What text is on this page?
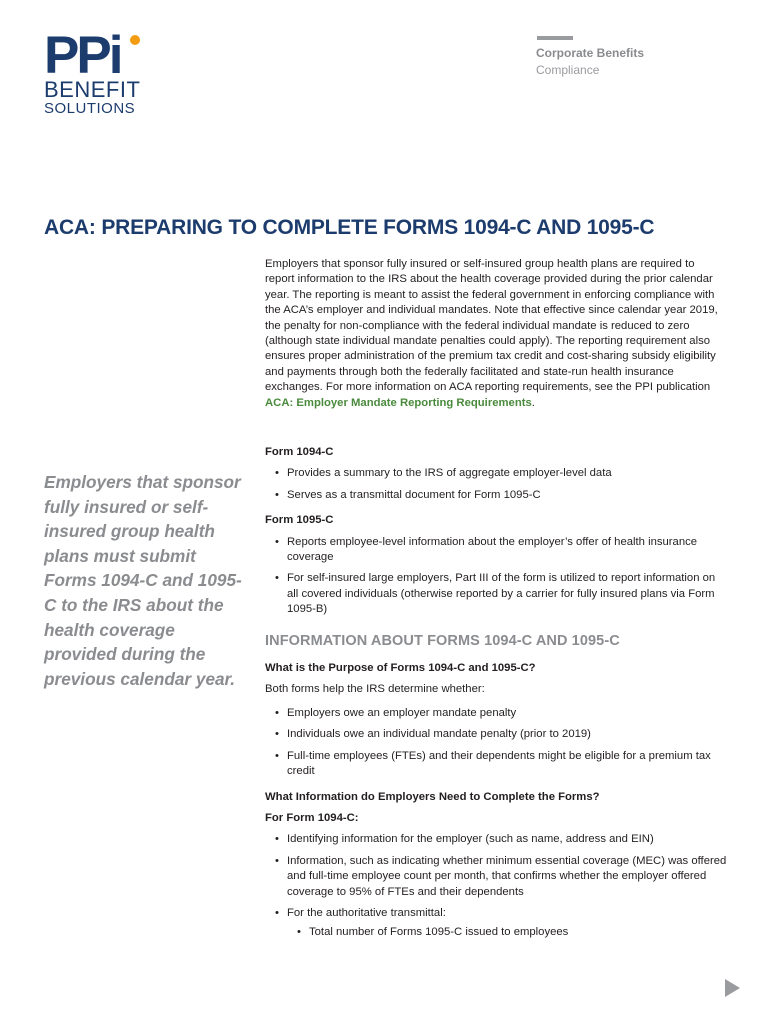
PPi
BENEFIT
SOLUTIONS
Corporate Benefits
Compliance
ACA: PREPARING TO COMPLETE FORMS 1094-C AND 1095-C

Employers that sponsor fully insured or self-insured group health plans are required to report information to the IRS about the health coverage provided during the prior calendar year. The reporting is meant to assist the federal government in enforcing compliance with the ACA’s employer and individual mandates. Note that effective since calendar year 2019, the penalty for non-compliance with the federal individual mandate is reduced to zero (although state individual mandate penalties could apply). The reporting requirement also ensures proper administration of the premium tax credit and cost-sharing subsidy eligibility and payments through both the federally facilitated and state-run health insurance exchanges. For more information on ACA reporting requirements, see the PPI publication ACA: Employer Mandate Reporting Requirements.

Employers that sponsor fully insured or self-insured group health plans must submit Forms 1094-C and 1095-C to the IRS about the health coverage provided during the previous calendar year.

Form 1094-C
• Provides a summary to the IRS of aggregate employer-level data
• Serves as a transmittal document for Form 1095-C
Form 1095-C
• Reports employee-level information about the employer’s offer of health insurance coverage
• For self-insured large employers, Part III of the form is utilized to report information on all covered individuals (otherwise reported by a carrier for fully insured plans via Form 1095-B)
INFORMATION ABOUT FORMS 1094-C AND 1095-C
What is the Purpose of Forms 1094-C and 1095-C?

Both forms help the IRS determine whether:

• Employers owe an employer mandate penalty
• Individuals owe an individual mandate penalty (prior to 2019)
• Full-time employees (FTEs) and their dependents might be eligible for a premium tax credit
What Information do Employers Need to Complete the Forms?
For Form 1094-C:
• Identifying information for the employer (such as name, address and EIN)
• Information, such as indicating whether minimum essential coverage (MEC) was offered and full-time employee count per month, that confirms whether the employer offered coverage to 95% of FTEs and their dependents
• For the authoritative transmittal:
• Total number of Forms 1095-C issued to employees
